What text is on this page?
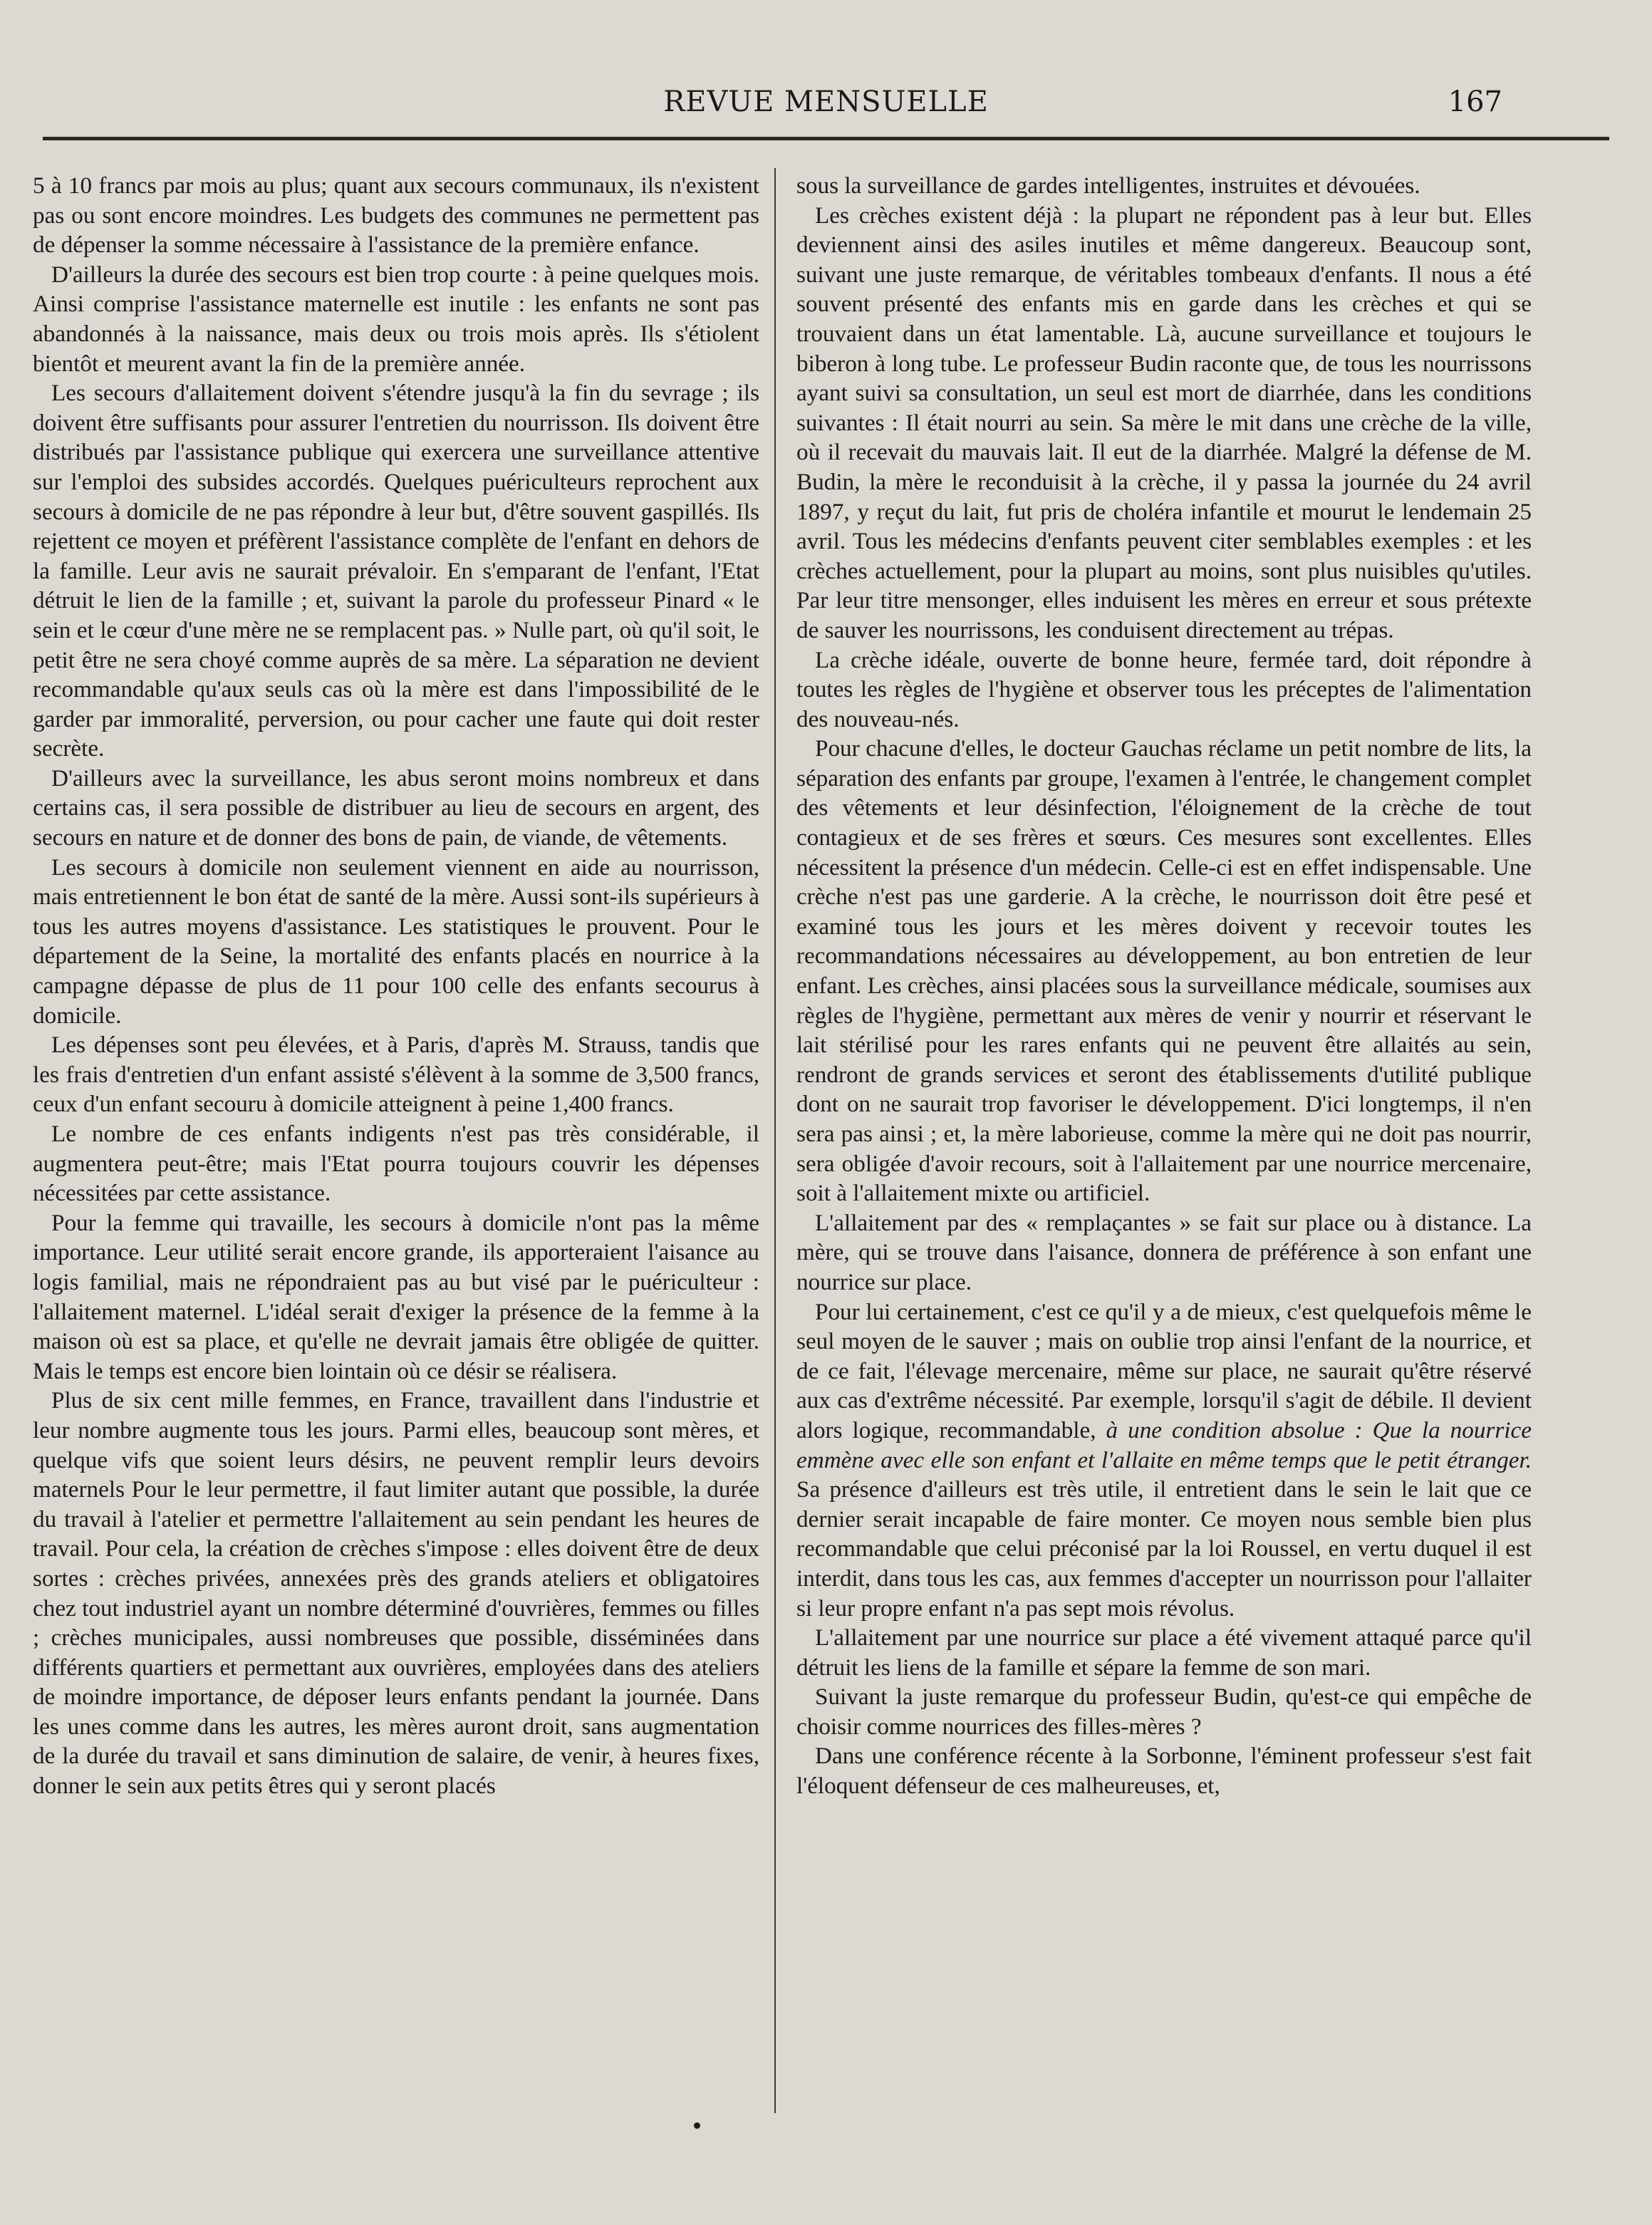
REVUE MENSUELLE	167

5 à 10 francs par mois au plus; quant aux secours communaux, ils n'existent pas ou sont encore moindres. Les budgets des communes ne permettent pas de dépenser la somme nécessaire à l'assistance de la première enfance.

D'ailleurs la durée des secours est bien trop courte : à peine quelques mois. Ainsi comprise l'assistance maternelle est inutile : les enfants ne sont pas abandonnés à la naissance, mais deux ou trois mois après. Ils s'étiolent bientôt et meurent avant la fin de la première année.

Les secours d'allaitement doivent s'étendre jusqu'à la fin du sevrage ; ils doivent être suffisants pour assurer l'entretien du nourrisson. Ils doivent être distribués par l'assistance publique qui exercera une surveillance attentive sur l'emploi des subsides accordés. Quelques puériculteurs reprochent aux secours à domicile de ne pas répondre à leur but, d'être souvent gaspillés. Ils rejettent ce moyen et préfèrent l'assistance complète de l'enfant en dehors de la famille. Leur avis ne saurait prévaloir. En s'emparant de l'enfant, l'Etat détruit le lien de la famille ; et, suivant la parole du professeur Pinard « le sein et le cœur d'une mère ne se remplacent pas. » Nulle part, où qu'il soit, le petit être ne sera choyé comme auprès de sa mère. La séparation ne devient recommandable qu'aux seuls cas où la mère est dans l'impossibilité de le garder par immoralité, perversion, ou pour cacher une faute qui doit rester secrète.

D'ailleurs avec la surveillance, les abus seront moins nombreux et dans certains cas, il sera possible de distribuer au lieu de secours en argent, des secours en nature et de donner des bons de pain, de viande, de vêtements.

Les secours à domicile non seulement viennent en aide au nourrisson, mais entretiennent le bon état de santé de la mère. Aussi sont-ils supérieurs à tous les autres moyens d'assistance. Les statistiques le prouvent. Pour le département de la Seine, la mortalité des enfants placés en nourrice à la campagne dépasse de plus de 11 pour 100 celle des enfants secourus à domicile.

Les dépenses sont peu élevées, et à Paris, d'après M. Strauss, tandis que les frais d'entretien d'un enfant assisté s'élèvent à la somme de 3,500 francs, ceux d'un enfant secouru à domicile atteignent à peine 1,400 francs.

Le nombre de ces enfants indigents n'est pas très considérable, il augmentera peut-être; mais l'Etat pourra toujours couvrir les dépenses nécessitées par cette assistance.

Pour la femme qui travaille, les secours à domicile n'ont pas la même importance. Leur utilité serait encore grande, ils apporteraient l'aisance au logis familial, mais ne répondraient pas au but visé par le puériculteur : l'allaitement maternel. L'idéal serait d'exiger la présence de la femme à la maison où est sa place, et qu'elle ne devrait jamais être obligée de quitter. Mais le temps est encore bien lointain où ce désir se réalisera.

Plus de six cent mille femmes, en France, travaillent dans l'industrie et leur nombre augmente tous les jours. Parmi elles, beaucoup sont mères, et quelque vifs que soient leurs désirs, ne peuvent remplir leurs devoirs maternels Pour le leur permettre, il faut limiter autant que possible, la durée du travail à l'atelier et permettre l'allaitement au sein pendant les heures de travail. Pour cela, la création de crèches s'impose : elles doivent être de deux sortes : crèches privées, annexées près des grands ateliers et obligatoires chez tout industriel ayant un nombre déterminé d'ouvrières, femmes ou filles ; crèches municipales, aussi nombreuses que possible, disséminées dans différents quartiers et permettant aux ouvrières, employées dans des ateliers de moindre importance, de déposer leurs enfants pendant la journée. Dans les unes comme dans les autres, les mères auront droit, sans augmentation de la durée du travail et sans diminution de salaire, de venir, à heures fixes, donner le sein aux petits êtres qui y seront placés

sous la surveillance de gardes intelligentes, instruites et dévouées.

Les crèches existent déjà : la plupart ne répondent pas à leur but. Elles deviennent ainsi des asiles inutiles et même dangereux. Beaucoup sont, suivant une juste remarque, de véritables tombeaux d'enfants. Il nous a été souvent présenté des enfants mis en garde dans les crèches et qui se trouvaient dans un état lamentable. Là, aucune surveillance et toujours le biberon à long tube. Le professeur Budin raconte que, de tous les nourrissons ayant suivi sa consultation, un seul est mort de diarrhée, dans les conditions suivantes : Il était nourri au sein. Sa mère le mit dans une crèche de la ville, où il recevait du mauvais lait. Il eut de la diarrhée. Malgré la défense de M. Budin, la mère le reconduisit à la crèche, il y passa la journée du 24 avril 1897, y reçut du lait, fut pris de choléra infantile et mourut le lendemain 25 avril. Tous les médecins d'enfants peuvent citer semblables exemples : et les crèches actuellement, pour la plupart au moins, sont plus nuisibles qu'utiles. Par leur titre mensonger, elles induisent les mères en erreur et sous prétexte de sauver les nourrissons, les conduisent directement au trépas.

La crèche idéale, ouverte de bonne heure, fermée tard, doit répondre à toutes les règles de l'hygiène et observer tous les préceptes de l'alimentation des nouveau-nés.

Pour chacune d'elles, le docteur Gauchas réclame un petit nombre de lits, la séparation des enfants par groupe, l'examen à l'entrée, le changement complet des vêtements et leur désinfection, l'éloignement de la crèche de tout contagieux et de ses frères et sœurs. Ces mesures sont excellentes. Elles nécessitent la présence d'un médecin. Celle-ci est en effet indispensable. Une crèche n'est pas une garderie. A la crèche, le nourrisson doit être pesé et examiné tous les jours et les mères doivent y recevoir toutes les recommandations nécessaires au développement, au bon entretien de leur enfant. Les crèches, ainsi placées sous la surveillance médicale, soumises aux règles de l'hygiène, permettant aux mères de venir y nourrir et réservant le lait stérilisé pour les rares enfants qui ne peuvent être allaités au sein, rendront de grands services et seront des établissements d'utilité publique dont on ne saurait trop favoriser le développement. D'ici longtemps, il n'en sera pas ainsi ; et, la mère laborieuse, comme la mère qui ne doit pas nourrir, sera obligée d'avoir recours, soit à l'allaitement par une nourrice mercenaire, soit à l'allaitement mixte ou artificiel.

L'allaitement par des « remplaçantes » se fait sur place ou à distance. La mère, qui se trouve dans l'aisance, donnera de préférence à son enfant une nourrice sur place.

Pour lui certainement, c'est ce qu'il y a de mieux, c'est quelquefois même le seul moyen de le sauver ; mais on oublie trop ainsi l'enfant de la nourrice, et de ce fait, l'élevage mercenaire, même sur place, ne saurait qu'être réservé aux cas d'extrême nécessité. Par exemple, lorsqu'il s'agit de débile. Il devient alors logique, recommandable, à une condition absolue : Que la nourrice emmène avec elle son enfant et l'allaite en même temps que le petit étranger. Sa présence d'ailleurs est très utile, il entretient dans le sein le lait que ce dernier serait incapable de faire monter. Ce moyen nous semble bien plus recommandable que celui préconisé par la loi Roussel, en vertu duquel il est interdit, dans tous les cas, aux femmes d'accepter un nourrisson pour l'allaiter si leur propre enfant n'a pas sept mois révolus.

L'allaitement par une nourrice sur place a été vivement attaqué parce qu'il détruit les liens de la famille et sépare la femme de son mari.

Suivant la juste remarque du professeur Budin, qu'est-ce qui empêche de choisir comme nourrices des filles-mères ?

Dans une conférence récente à la Sorbonne, l'éminent professeur s'est fait l'éloquent défenseur de ces malheureuses, et,
